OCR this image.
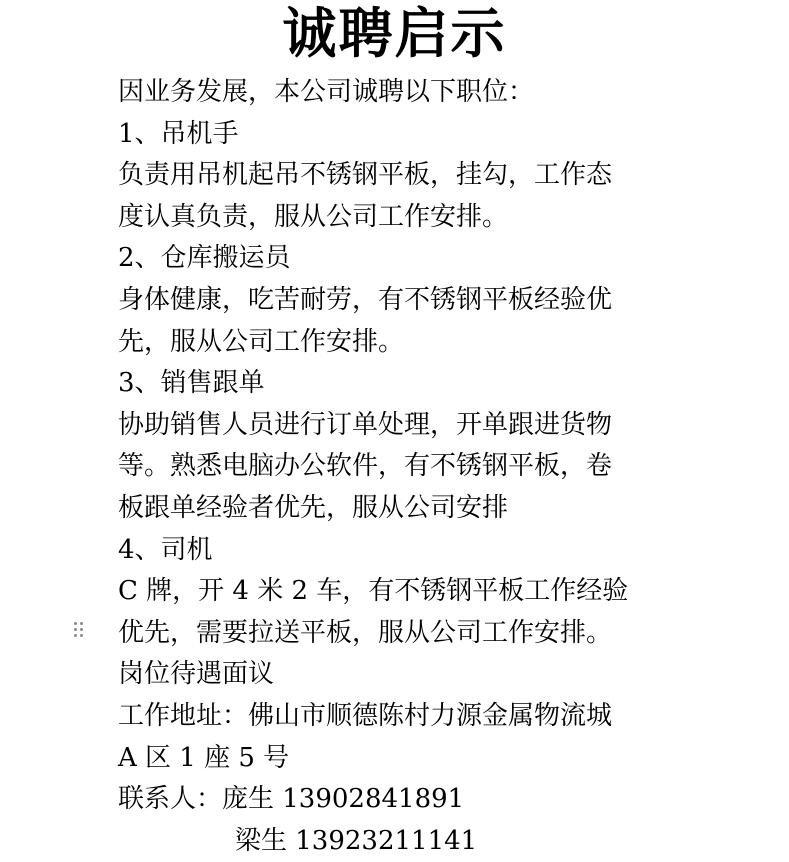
诚聘启示
因业务发展，本公司诚聘以下职位：
1、吊机手
负责用吊机起吊不锈钢平板，挂勾，工作态
度认真负责，服从公司工作安排。
2、仓库搬运员
身体健康，吃苦耐劳，有不锈钢平板经验优
先，服从公司工作安排。
3、销售跟单
协助销售人员进行订单处理，开单跟进货物
等。熟悉电脑办公软件，有不锈钢平板，卷
板跟单经验者优先，服从公司安排
4、司机
C 牌，开 4 米 2 车，有不锈钢平板工作经验
优先，需要拉送平板，服从公司工作安排。
岗位待遇面议
工作地址：佛山市顺德陈村力源金属物流城
A 区 1 座 5 号
联系人：庞生 13902841891
梁生 13923211141
